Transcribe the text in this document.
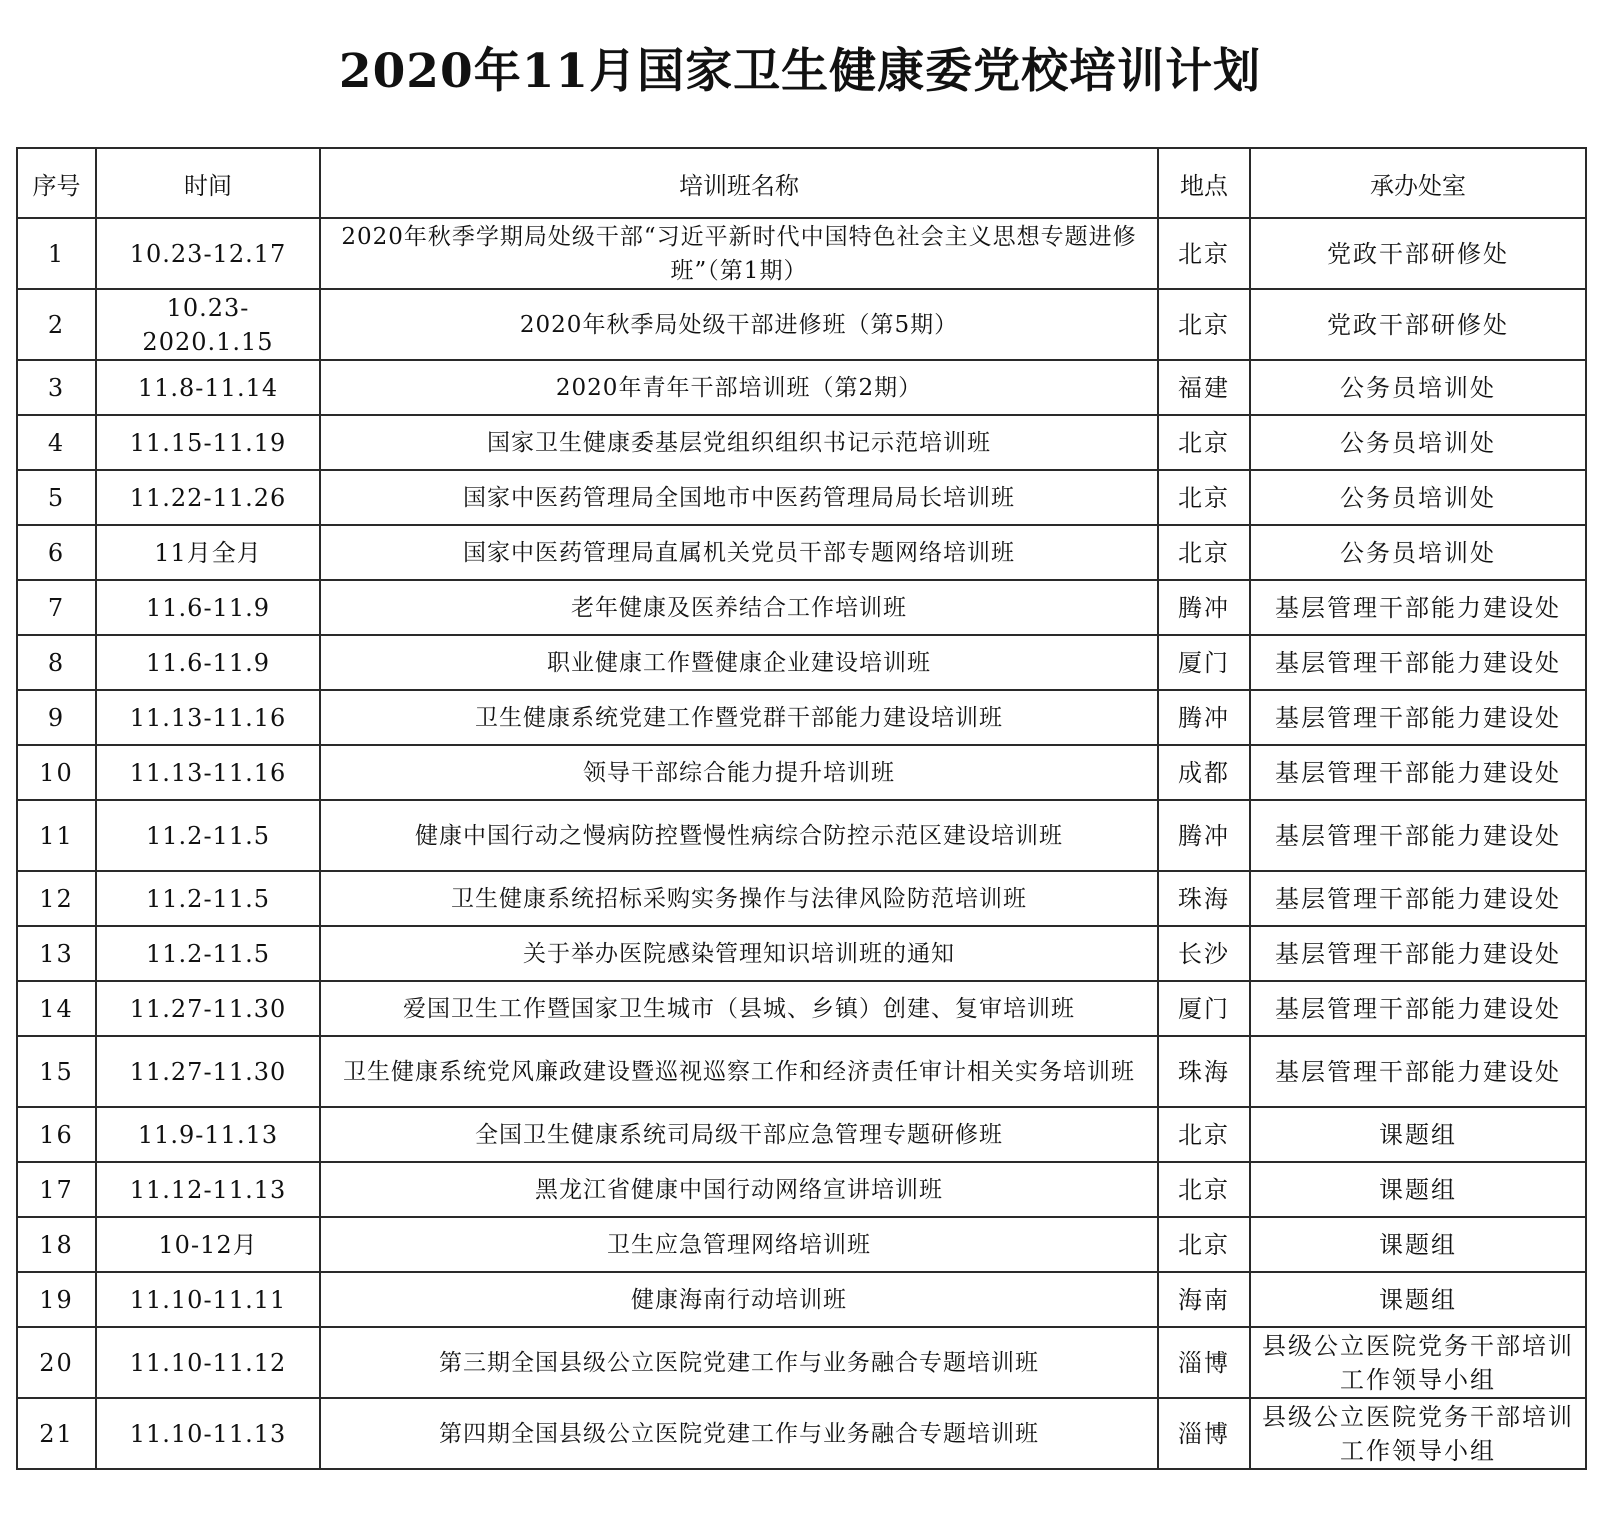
2020年11月国家卫生健康委党校培训计划
序号	时间	培训班名称	地点	承办处室
1	10.23-12.17	2020年秋季学期局处级干部“习近平新时代中国特色社会主义思想专题进修班”（第1期）	北京	党政干部研修处
2	10.23-2020.1.15	2020年秋季局处级干部进修班（第5期）	北京	党政干部研修处
3	11.8-11.14	2020年青年干部培训班（第2期）	福建	公务员培训处
4	11.15-11.19	国家卫生健康委基层党组织组织书记示范培训班	北京	公务员培训处
5	11.22-11.26	国家中医药管理局全国地市中医药管理局局长培训班	北京	公务员培训处
6	11月全月	国家中医药管理局直属机关党员干部专题网络培训班	北京	公务员培训处
7	11.6-11.9	老年健康及医养结合工作培训班	腾冲	基层管理干部能力建设处
8	11.6-11.9	职业健康工作暨健康企业建设培训班	厦门	基层管理干部能力建设处
9	11.13-11.16	卫生健康系统党建工作暨党群干部能力建设培训班	腾冲	基层管理干部能力建设处
10	11.13-11.16	领导干部综合能力提升培训班	成都	基层管理干部能力建设处
11	11.2-11.5	健康中国行动之慢病防控暨慢性病综合防控示范区建设培训班	腾冲	基层管理干部能力建设处
12	11.2-11.5	卫生健康系统招标采购实务操作与法律风险防范培训班	珠海	基层管理干部能力建设处
13	11.2-11.5	关于举办医院感染管理知识培训班的通知	长沙	基层管理干部能力建设处
14	11.27-11.30	爱国卫生工作暨国家卫生城市（县城、乡镇）创建、复审培训班	厦门	基层管理干部能力建设处
15	11.27-11.30	卫生健康系统党风廉政建设暨巡视巡察工作和经济责任审计相关实务培训班	珠海	基层管理干部能力建设处
16	11.9-11.13	全国卫生健康系统司局级干部应急管理专题研修班	北京	课题组
17	11.12-11.13	黑龙江省健康中国行动网络宣讲培训班	北京	课题组
18	10-12月	卫生应急管理网络培训班	北京	课题组
19	11.10-11.11	健康海南行动培训班	海南	课题组
20	11.10-11.12	第三期全国县级公立医院党建工作与业务融合专题培训班	淄博	县级公立医院党务干部培训工作领导小组
21	11.10-11.13	第四期全国县级公立医院党建工作与业务融合专题培训班	淄博	县级公立医院党务干部培训工作领导小组
